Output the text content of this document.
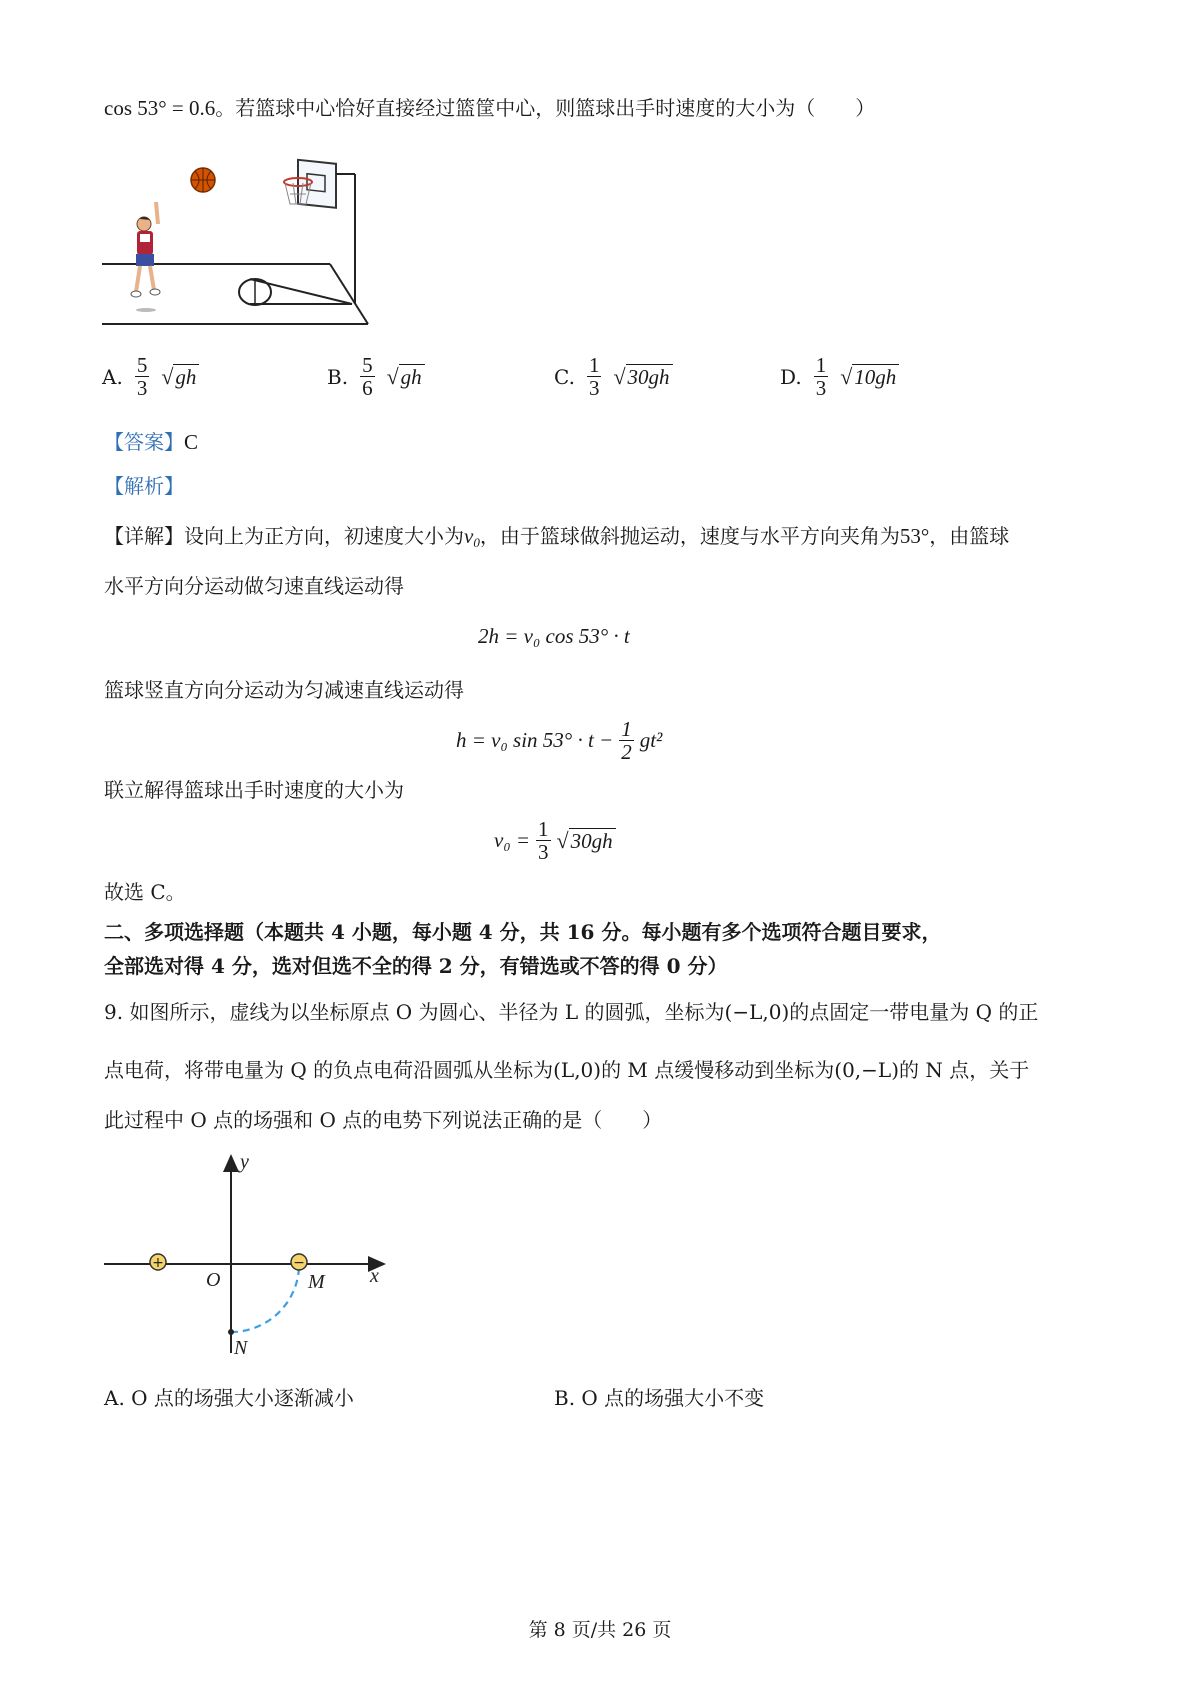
cos 53° = 0.6。若篮球中心恰好直接经过篮筐中心，则篮球出手时速度的大小为（　　）
A. $\frac{5}{3} √gh$	B. $\frac{5}{6} √gh$	C. $\frac{1}{3} √30gh$	D. $\frac{1}{3} √10gh$
【答案】C
【解析】
【详解】设向上为正方向，初速度大小为$v_0$，由于篮球做斜抛运动，速度与水平方向夹角为53°，由篮球
水平方向分运动做匀速直线运动得
2h = v₀ cos 53° · t
篮球竖直方向分运动为匀减速直线运动得
h = v₀ $\sin 53^\circ \cdot t - \frac{1}{2} gt^2$
联立解得篮球出手时速度的大小为
$v_0 = \frac{1}{3} √30gh$
故选 C。
二、多项选择题（本题共 4 小题，每小题 4 分，共 16 分。每小题有多个选项符合题目要求，
全部选对得 4 分，选对但选不全的得 2 分，有错选或不答的得 0 分）
9. 如图所示，虚线为以坐标原点 O 为圆心、半径为 L 的圆弧，坐标为(−L,0)的点固定一带电量为 Q 的正
点电荷，将带电量为 Q 的负点电荷沿圆弧从坐标为(L,0)的 M 点缓慢移动到坐标为(0,−L)的 N 点，关于
此过程中 O 点的场强和 O 点的电势下列说法正确的是（　　）
+	−
y
x
O	M
N
A. O 点的场强大小逐渐减小	B. O 点的场强大小不变
第 8 页/共 26 页
